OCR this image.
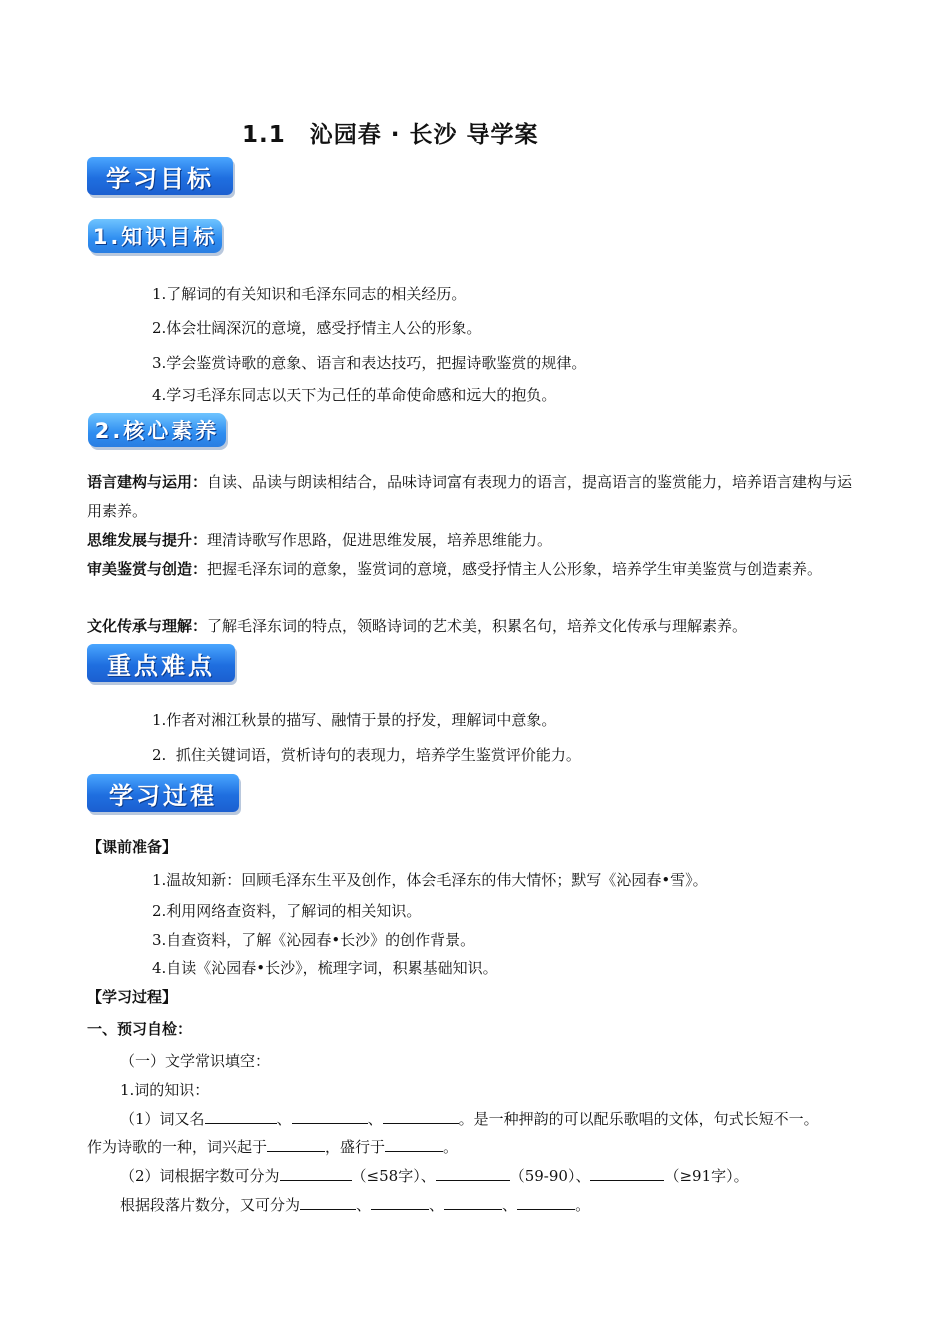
1.1　沁园春 · 长沙 导学案
学习目标
1.知识目标
1.了解词的有关知识和毛泽东同志的相关经历。
2.体会壮阔深沉的意境，感受抒情主人公的形象。
3.学会鉴赏诗歌的意象、语言和表达技巧，把握诗歌鉴赏的规律。
4.学习毛泽东同志以天下为己任的革命使命感和远大的抱负。
2.核心素养
语言建构与运用：自读、品读与朗读相结合，品味诗词富有表现力的语言，提高语言的鉴赏能力，培养语言建构与运用素养。
思维发展与提升：理清诗歌写作思路，促进思维发展，培养思维能力。
审美鉴赏与创造：把握毛泽东词的意象，鉴赏词的意境，感受抒情主人公形象，培养学生审美鉴赏与创造素养。
文化传承与理解：了解毛泽东词的特点，领略诗词的艺术美，积累名句，培养文化传承与理解素养。
重点难点
1.作者对湘江秋景的描写、融情于景的抒发，理解词中意象。
2.  抓住关键词语，赏析诗句的表现力，培养学生鉴赏评价能力。
学习过程
【课前准备】
1.温故知新：回顾毛泽东生平及创作，体会毛泽东的伟大情怀；默写《沁园春•雪》。
2.利用网络查资料，了解词的相关知识。
3.自查资料，了解《沁园春•长沙》的创作背景。
4.自读《沁园春•长沙》，梳理字词，积累基础知识。
【学习过程】
一、预习自检：
（一）文学常识填空：
1.词的知识：
（1）词又名	、	、	。是一种押韵的可以配乐歌唱的文体，句式长短不一。
作为诗歌的一种，词兴起于	，盛行于	。
（2）词根据字数可分为	（≤58字）、	（59-90）、	（≥91字）。
根据段落片数分，又可分为	、	、	、	。
